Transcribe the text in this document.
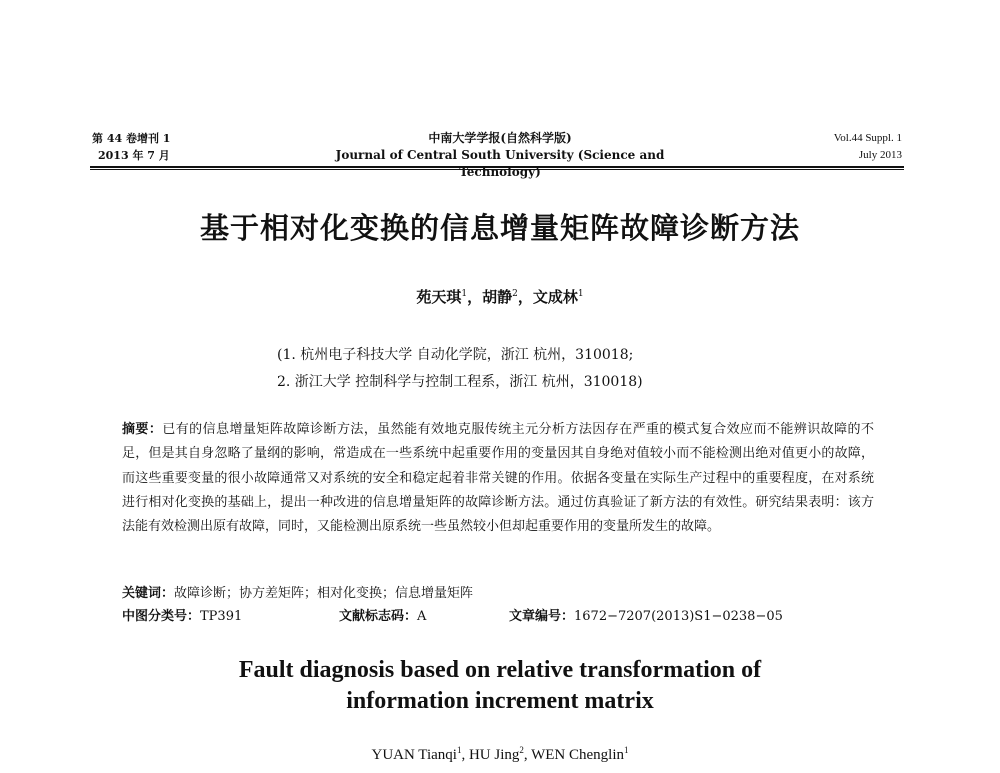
第 44 卷增刊 1
2013 年 7 月
中南大学学报(自然科学版)
Journal of Central South University (Science and Technology)
Vol.44 Suppl. 1
July 2013
基于相对化变换的信息增量矩阵故障诊断方法
苑天琪$^1$，胡静$^2$，文成林$^1$
(1. 杭州电子科技大学 自动化学院，浙江 杭州，310018;
2. 浙江大学 控制科学与控制工程系，浙江 杭州，310018)
摘要：已有的信息增量矩阵故障诊断方法，虽然能有效地克服传统主元分析方法因存在严重的模式复合效应而不能辨识故障的不足，但是其自身忽略了量纲的影响，常造成在一些系统中起重要作用的变量因其自身绝对值较小而不能检测出绝对值更小的故障，而这些重要变量的很小故障通常又对系统的安全和稳定起着非常关键的作用。依据各变量在实际生产过程中的重要程度，在对系统进行相对化变换的基础上，提出一种改进的信息增量矩阵的故障诊断方法。通过仿真验证了新方法的有效性。研究结果表明：该方法能有效检测出原有故障，同时，又能检测出原系统一些虽然较小但却起重要作用的变量所发生的故障。
关键词：故障诊断；协方差矩阵；相对化变换；信息增量矩阵
中图分类号：TP391	文献标志码：A	文章编号：1672−7207(2013)S1−0238−05
Fault diagnosis based on relative transformation of
information increment matrix
YUAN Tianqi$^1$, HU Jing$^2$, WEN Chenglin$^1$
